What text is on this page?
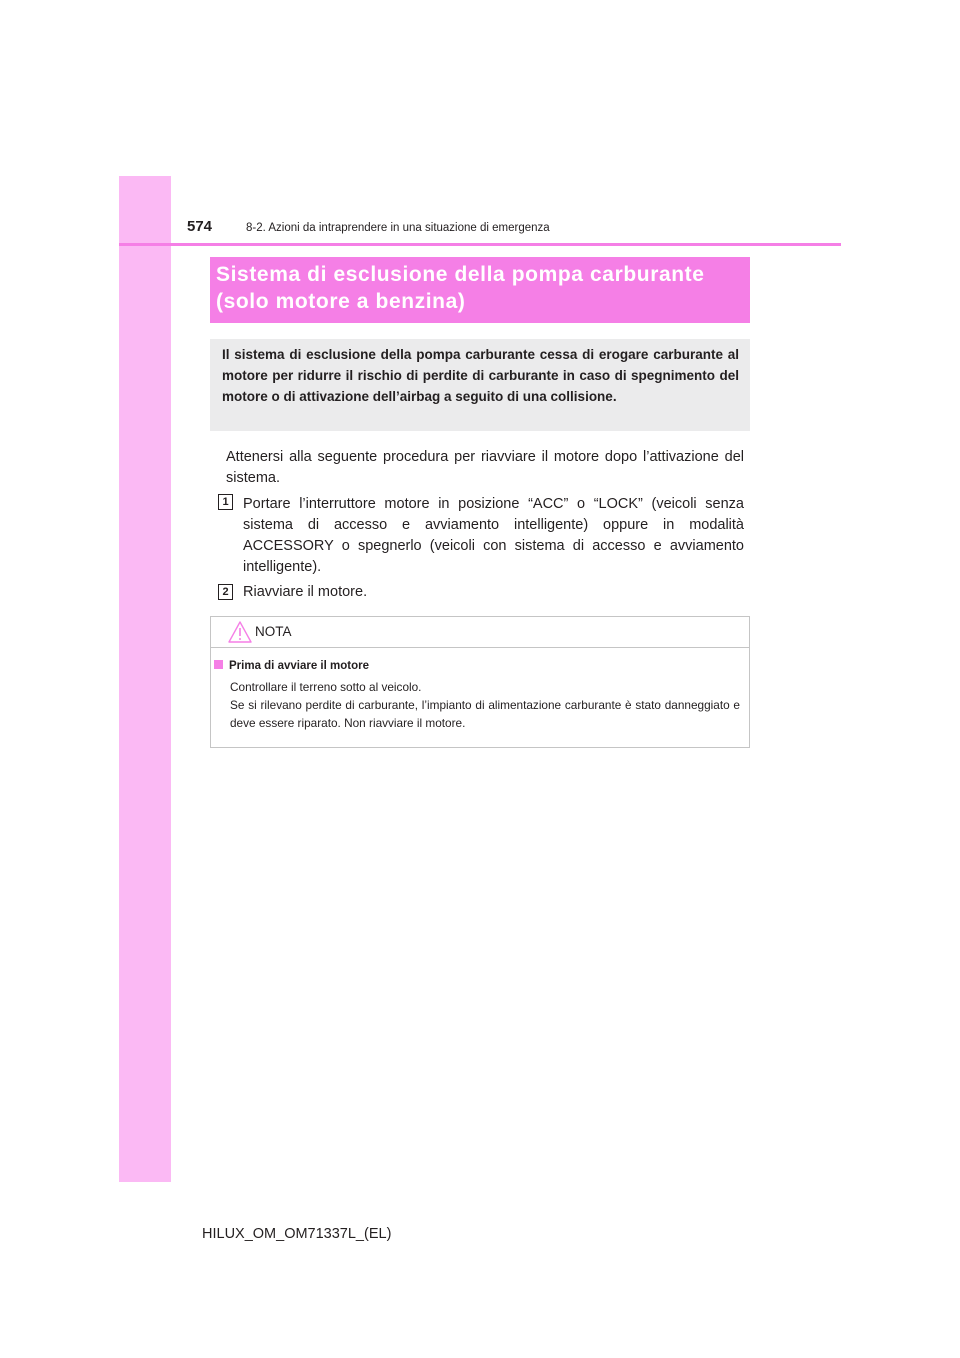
574	8-2. Azioni da intraprendere in una situazione di emergenza
Sistema di esclusione della pompa carburante
(solo motore a benzina)
Il sistema di esclusione della pompa carburante cessa di erogare carburante al motore per ridurre il rischio di perdite di carburante in caso di spegnimento del motore o di attivazione dell’airbag a seguito di una collisione.
Attenersi alla seguente procedura per riavviare il motore dopo l’attivazione del sistema.
1 Portare l’interruttore motore in posizione “ACC” o “LOCK” (veicoli senza sistema di accesso e avviamento intelligente) oppure in modalità ACCESSORY o spegnerlo (veicoli con sistema di accesso e avviamento intelligente).
2 Riavviare il motore.
NOTA
Prima di avviare il motore
Controllare il terreno sotto al veicolo.
Se si rilevano perdite di carburante, l’impianto di alimentazione carburante è stato danneggiato e deve essere riparato. Non riavviare il motore.
HILUX_OM_OM71337L_(EL)
